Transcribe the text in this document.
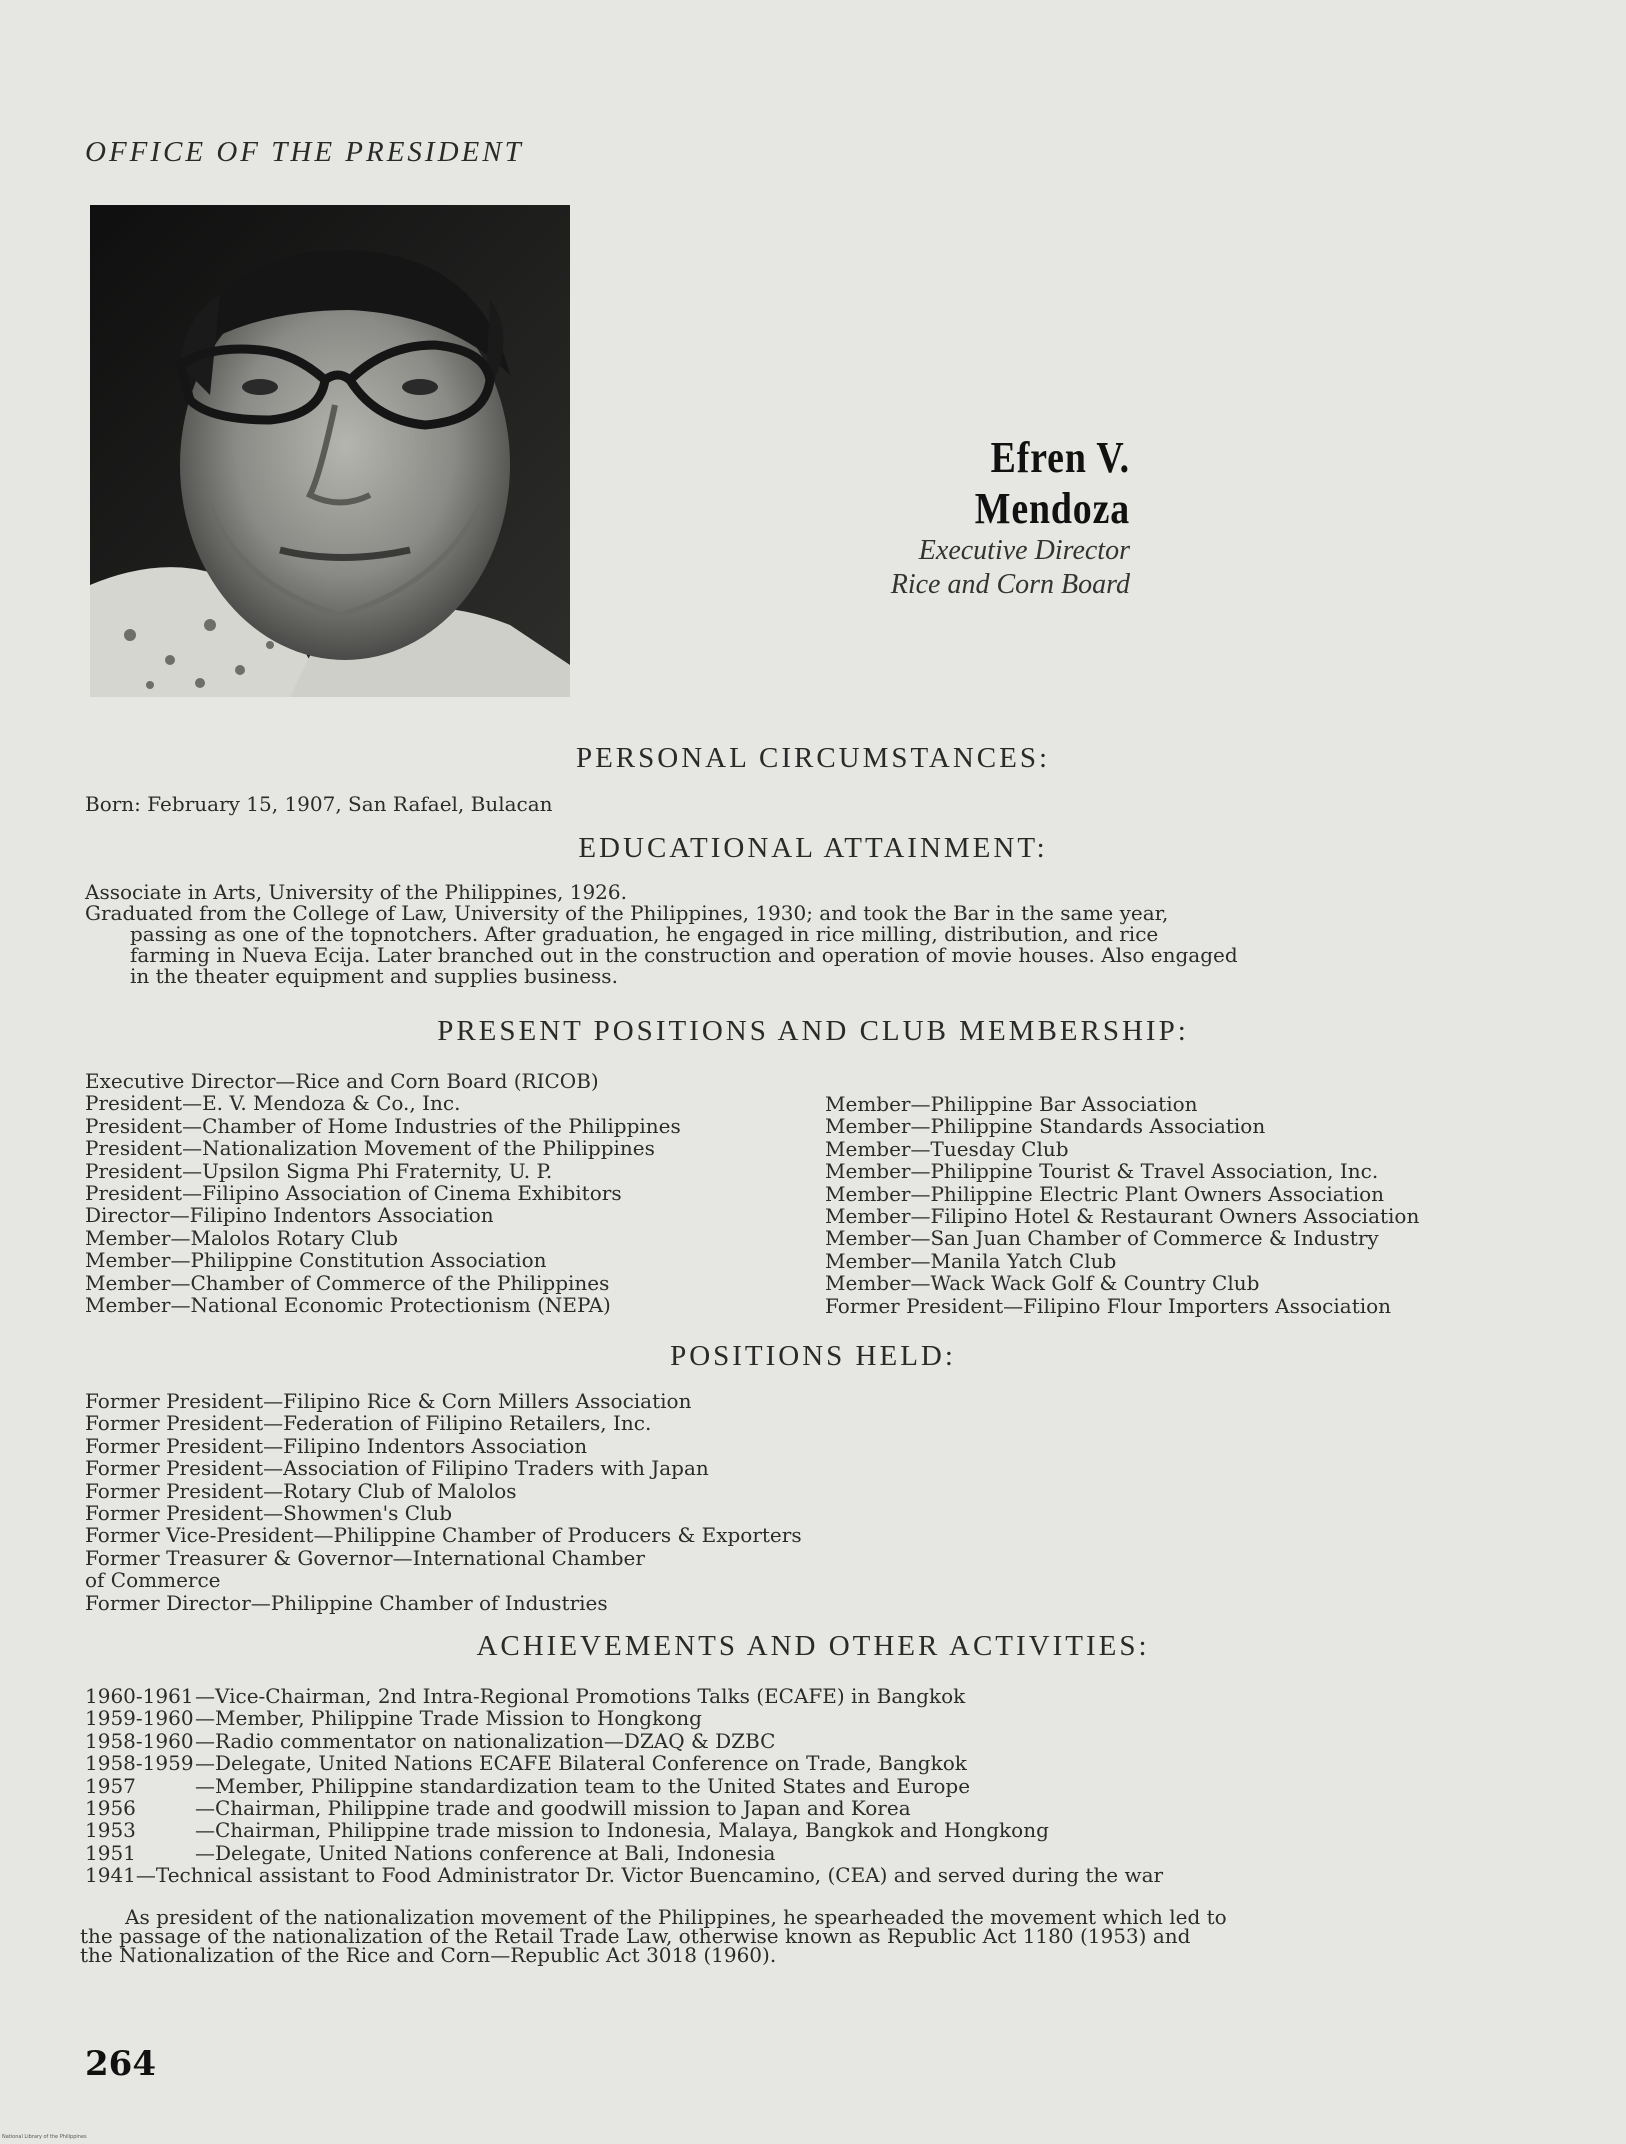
OFFICE OF THE PRESIDENT
Efren V. Mendoza
Executive Director
Rice and Corn Board
PERSONAL CIRCUMSTANCES:
Born: February 15, 1907, San Rafael, Bulacan
EDUCATIONAL ATTAINMENT:
Associate in Arts, University of the Philippines, 1926.
Graduated from the College of Law, University of the Philippines, 1930; and took the Bar in the same year,
passing as one of the topnotchers. After graduation, he engaged in rice milling, distribution, and rice
farming in Nueva Ecija. Later branched out in the construction and operation of movie houses. Also engaged
in the theater equipment and supplies business.
PRESENT POSITIONS AND CLUB MEMBERSHIP:
Executive Director—Rice and Corn Board (RICOB)
President—E. V. Mendoza & Co., Inc.
President—Chamber of Home Industries of the Philippines
President—Nationalization Movement of the Philippines
President—Upsilon Sigma Phi Fraternity, U. P.
President—Filipino Association of Cinema Exhibitors
Director—Filipino Indentors Association
Member—Malolos Rotary Club
Member—Philippine Constitution Association
Member—Chamber of Commerce of the Philippines
Member—National Economic Protectionism (NEPA)
Member—Philippine Bar Association
Member—Philippine Standards Association
Member—Tuesday Club
Member—Philippine Tourist & Travel Association, Inc.
Member—Philippine Electric Plant Owners Association
Member—Filipino Hotel & Restaurant Owners Association
Member—San Juan Chamber of Commerce & Industry
Member—Manila Yatch Club
Member—Wack Wack Golf & Country Club
Former President—Filipino Flour Importers Association
POSITIONS HELD:
Former President—Filipino Rice & Corn Millers Association
Former President—Federation of Filipino Retailers, Inc.
Former President—Filipino Indentors Association
Former President—Association of Filipino Traders with Japan
Former President—Rotary Club of Malolos
Former President—Showmen's Club
Former Vice-President—Philippine Chamber of Producers & Exporters
Former Treasurer & Governor—International Chamber
of Commerce
Former Director—Philippine Chamber of Industries
ACHIEVEMENTS AND OTHER ACTIVITIES:
1960-1961 —Vice-Chairman, 2nd Intra-Regional Promotions Talks (ECAFE) in Bangkok
1959-1960 —Member, Philippine Trade Mission to Hongkong
1958-1960 —Radio commentator on nationalization—DZAQ & DZBC
1958-1959 —Delegate, United Nations ECAFE Bilateral Conference on Trade, Bangkok
1957	—Member, Philippine standardization team to the United States and Europe
1956	—Chairman, Philippine trade and goodwill mission to Japan and Korea
1953	—Chairman, Philippine trade mission to Indonesia, Malaya, Bangkok and Hongkong
1951	—Delegate, United Nations conference at Bali, Indonesia
1941 —Technical assistant to Food Administrator Dr. Victor Buencamino, (CEA) and served during the war
As president of the nationalization movement of the Philippines, he spearheaded the movement which led to
the passage of the nationalization of the Retail Trade Law, otherwise known as Republic Act 1180 (1953) and
the Nationalization of the Rice and Corn—Republic Act 3018 (1960).
264
National Library of the Philippines
